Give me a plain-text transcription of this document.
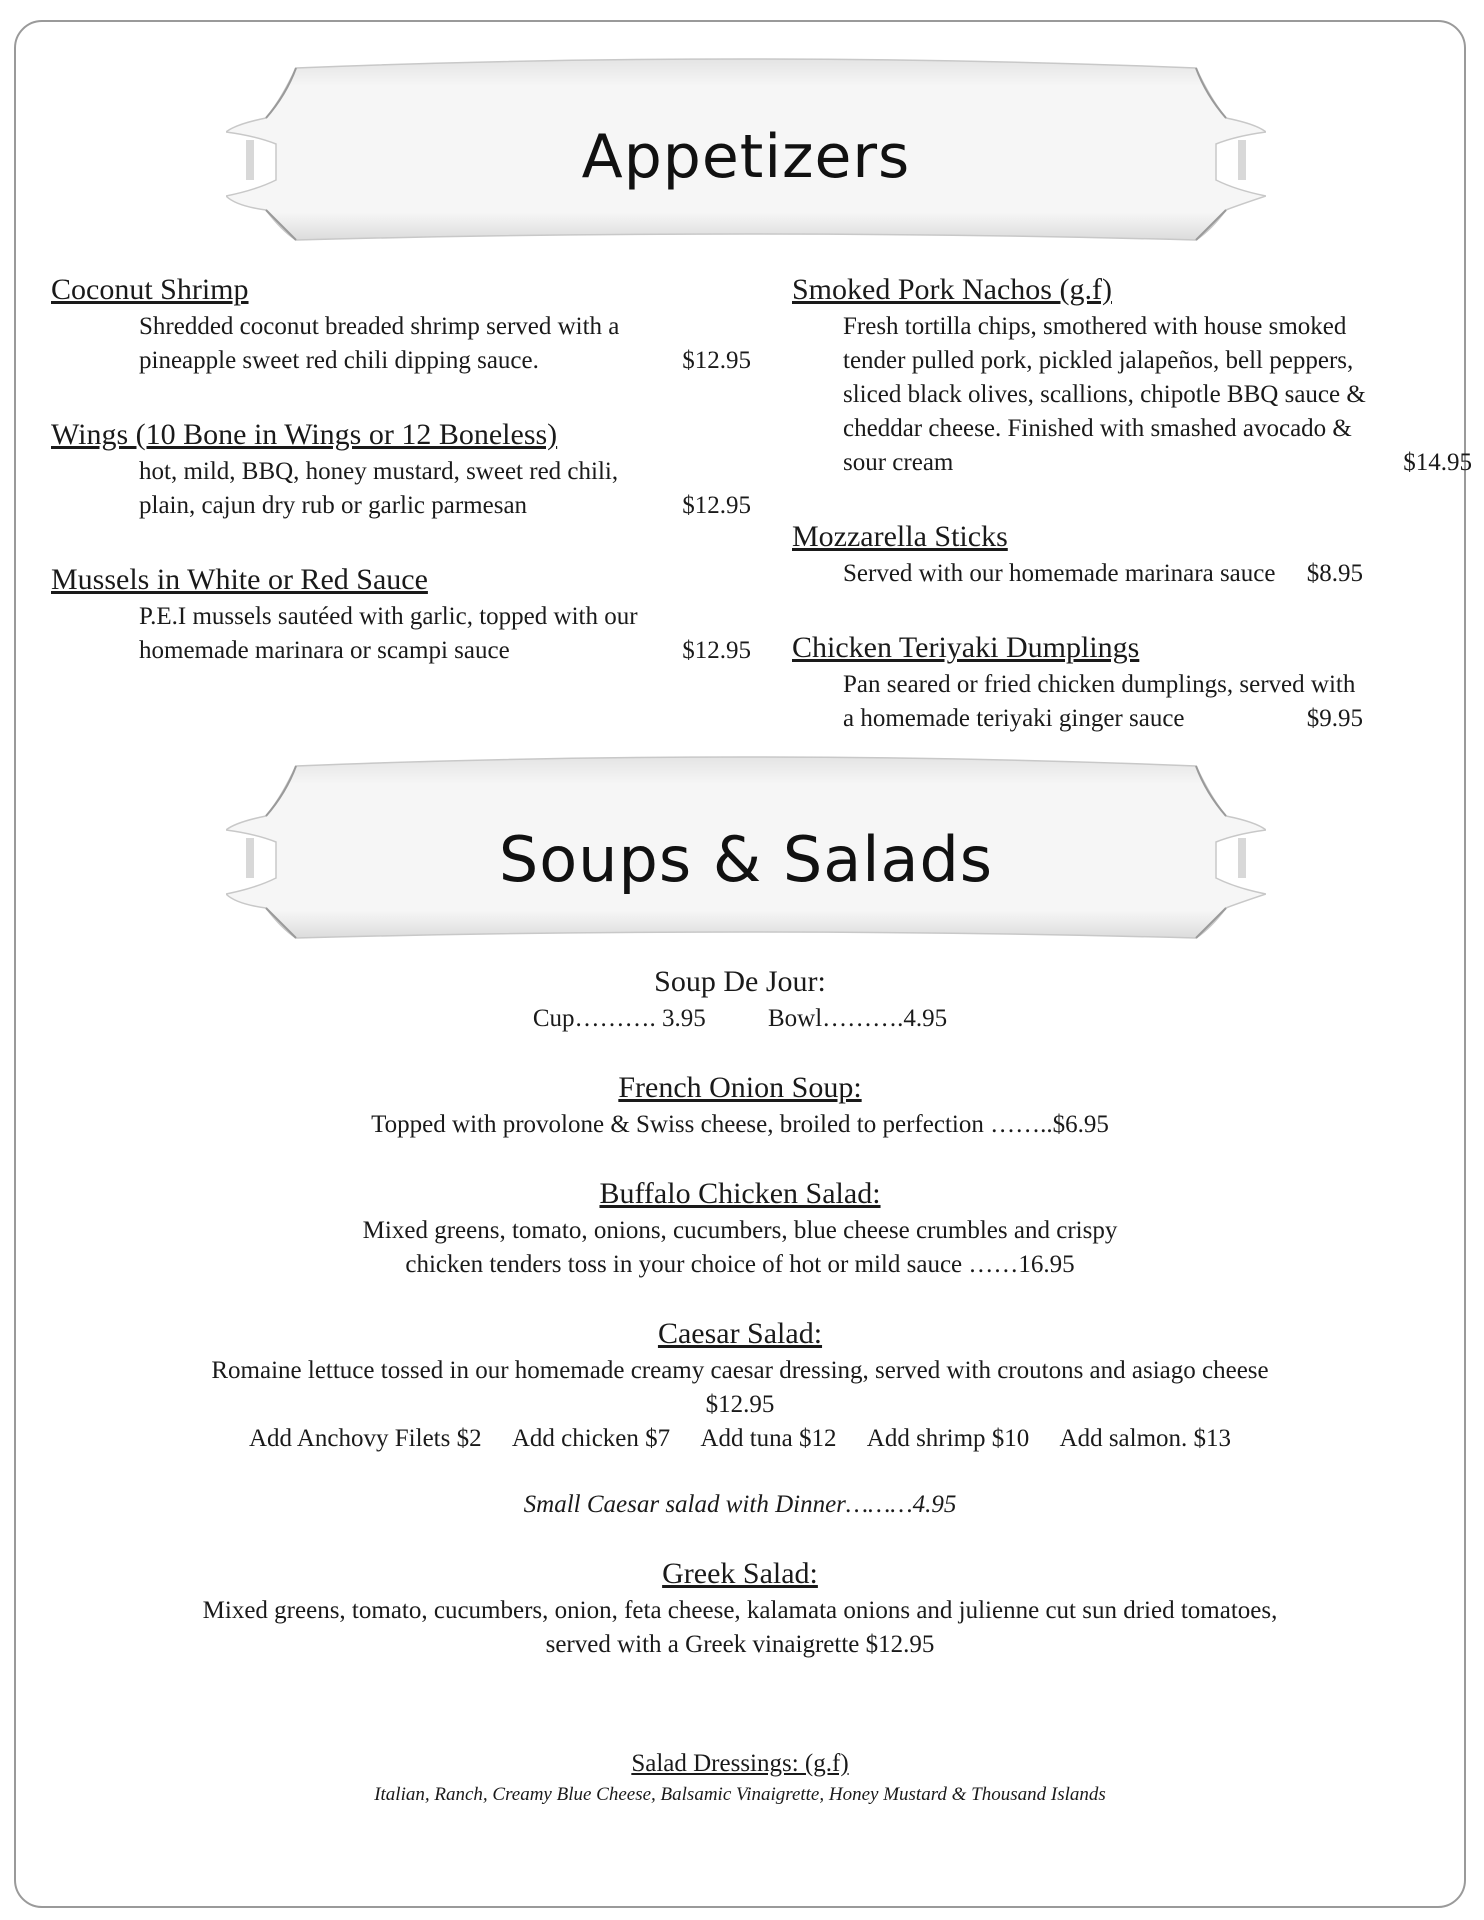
Appetizers
Coconut Shrimp
Shredded coconut breaded shrimp served with a
pineapple sweet red chili dipping sauce.	$12.95
Wings (10 Bone in Wings or 12 Boneless)
hot, mild, BBQ, honey mustard, sweet red chili,
plain, cajun dry rub or garlic parmesan	$12.95
Mussels in White or Red Sauce
P.E.I mussels sautéed with garlic, topped with our
homemade marinara or scampi sauce	$12.95
Smoked Pork Nachos (g.f)
Fresh tortilla chips, smothered with house smoked
tender pulled pork, pickled jalapeños, bell peppers,
sliced black olives, scallions, chipotle BBQ sauce &
cheddar cheese. Finished with smashed avocado &
sour cream	$14.95
Mozzarella Sticks
Served with our homemade marinara sauce	$8.95
Chicken Teriyaki Dumplings
Pan seared or fried chicken dumplings, served with
a homemade teriyaki ginger sauce	$9.95
Soups & Salads
Soup De Jour:
Cup………. 3.95 Bowl……….4.95
French Onion Soup:
Topped with provolone & Swiss cheese, broiled to perfection ……..$6.95
Buffalo Chicken Salad:
Mixed greens, tomato, onions, cucumbers, blue cheese crumbles and crispy
chicken tenders toss in your choice of hot or mild sauce ……16.95
Caesar Salad:
Romaine lettuce tossed in our homemade creamy caesar dressing, served with croutons and asiago cheese
$12.95
Add Anchovy Filets $2 Add chicken $7 Add tuna $12 Add shrimp $10 Add salmon. $13
Small Caesar salad with Dinner………4.95
Greek Salad:
Mixed greens, tomato, cucumbers, onion, feta cheese, kalamata onions and julienne cut sun dried tomatoes,
served with a Greek vinaigrette $12.95
Salad Dressings: (g.f)
Italian, Ranch, Creamy Blue Cheese, Balsamic Vinaigrette, Honey Mustard & Thousand Islands
